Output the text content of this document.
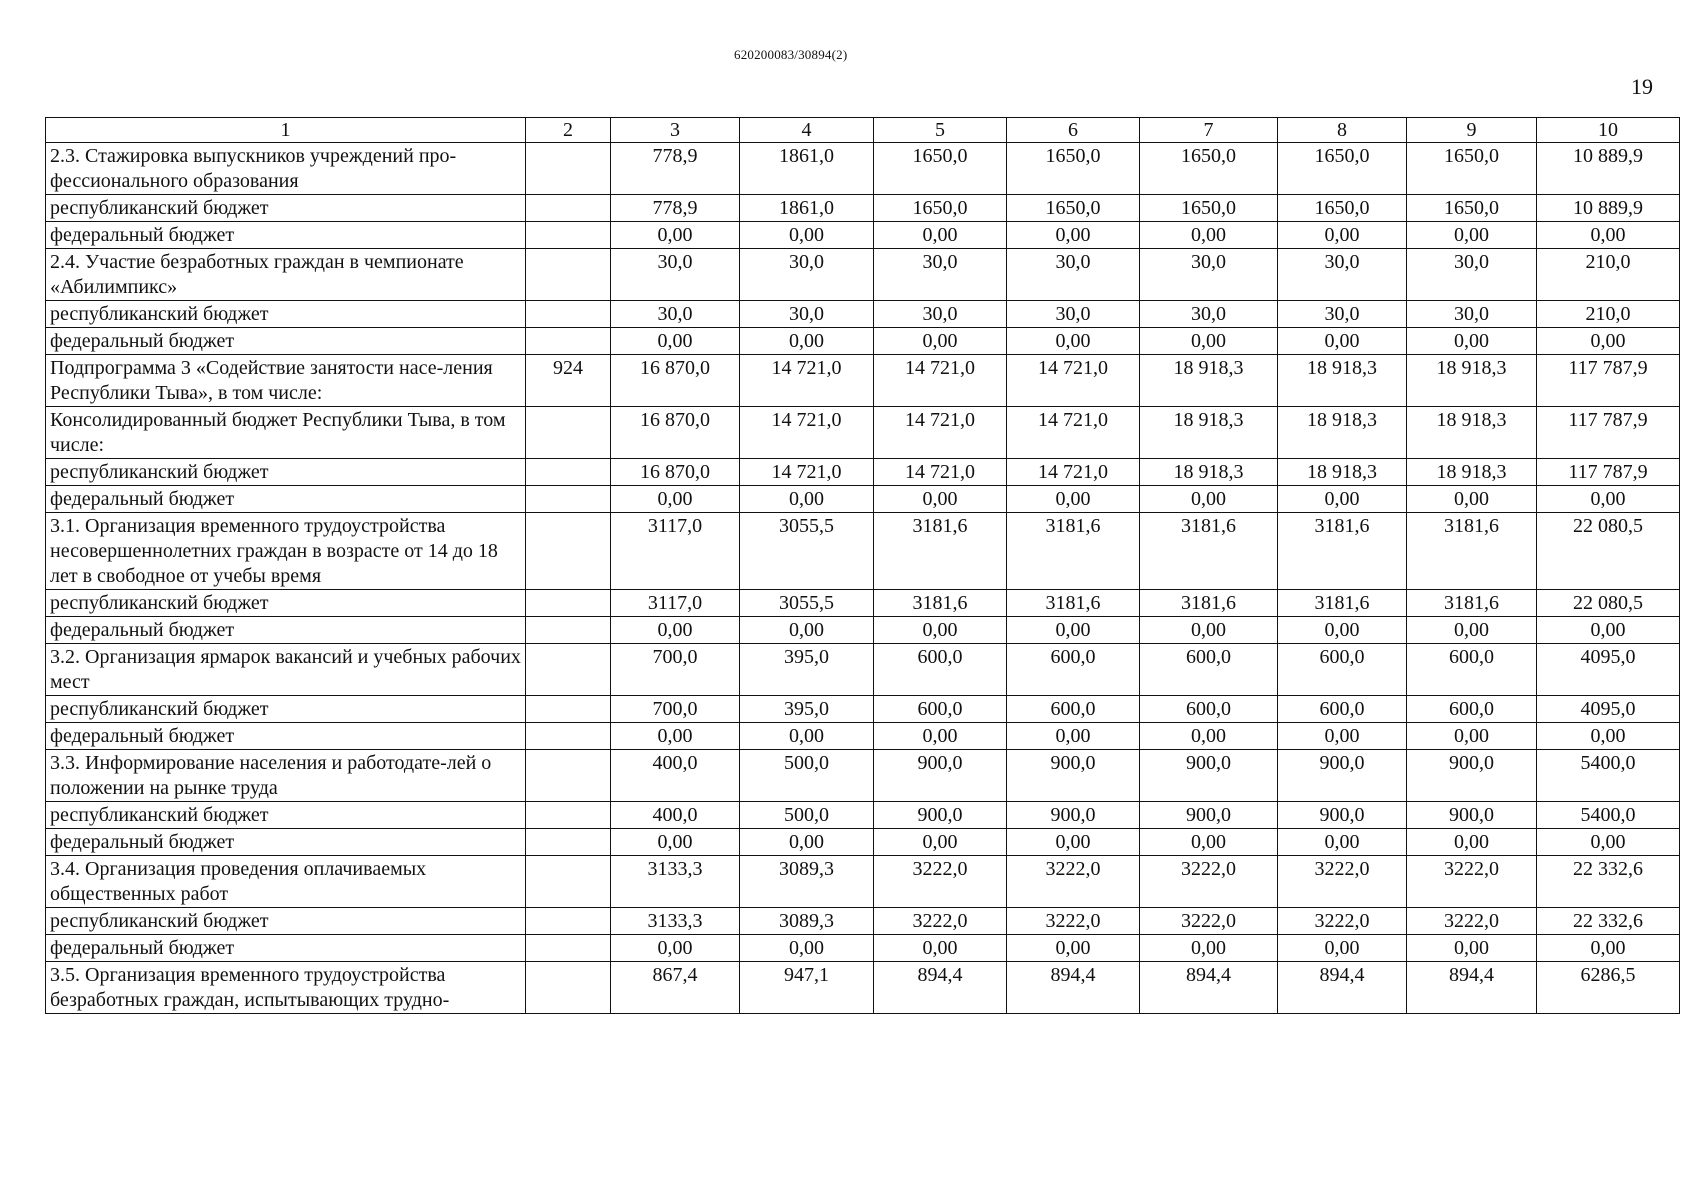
620200083/30894(2)
19
1	2	3	4	5	6	7	8	9	10
2.3. Стажировка выпускников учреждений про-фессионального образования		778,9	1861,0	1650,0	1650,0	1650,0	1650,0	1650,0	10 889,9
республиканский бюджет		778,9	1861,0	1650,0	1650,0	1650,0	1650,0	1650,0	10 889,9
федеральный бюджет		0,00	0,00	0,00	0,00	0,00	0,00	0,00	0,00
2.4. Участие безработных граждан в чемпионате «Абилимпикс»		30,0	30,0	30,0	30,0	30,0	30,0	30,0	210,0
республиканский бюджет		30,0	30,0	30,0	30,0	30,0	30,0	30,0	210,0
федеральный бюджет		0,00	0,00	0,00	0,00	0,00	0,00	0,00	0,00
Подпрограмма 3 «Содействие занятости насе-ления Республики Тыва», в том числе:	924	16 870,0	14 721,0	14 721,0	14 721,0	18 918,3	18 918,3	18 918,3	117 787,9
Консолидированный бюджет Республики Тыва, в том числе:		16 870,0	14 721,0	14 721,0	14 721,0	18 918,3	18 918,3	18 918,3	117 787,9
республиканский бюджет		16 870,0	14 721,0	14 721,0	14 721,0	18 918,3	18 918,3	18 918,3	117 787,9
федеральный бюджет		0,00	0,00	0,00	0,00	0,00	0,00	0,00	0,00
3.1. Организация временного трудоустройства несовершеннолетних граждан в возрасте от 14 до 18 лет в свободное от учебы время		3117,0	3055,5	3181,6	3181,6	3181,6	3181,6	3181,6	22 080,5
республиканский бюджет		3117,0	3055,5	3181,6	3181,6	3181,6	3181,6	3181,6	22 080,5
федеральный бюджет		0,00	0,00	0,00	0,00	0,00	0,00	0,00	0,00
3.2. Организация ярмарок вакансий и учебных рабочих мест		700,0	395,0	600,0	600,0	600,0	600,0	600,0	4095,0
республиканский бюджет		700,0	395,0	600,0	600,0	600,0	600,0	600,0	4095,0
федеральный бюджет		0,00	0,00	0,00	0,00	0,00	0,00	0,00	0,00
3.3. Информирование населения и работодате-лей о положении на рынке труда		400,0	500,0	900,0	900,0	900,0	900,0	900,0	5400,0
республиканский бюджет		400,0	500,0	900,0	900,0	900,0	900,0	900,0	5400,0
федеральный бюджет		0,00	0,00	0,00	0,00	0,00	0,00	0,00	0,00
3.4. Организация проведения оплачиваемых общественных работ		3133,3	3089,3	3222,0	3222,0	3222,0	3222,0	3222,0	22 332,6
республиканский бюджет		3133,3	3089,3	3222,0	3222,0	3222,0	3222,0	3222,0	22 332,6
федеральный бюджет		0,00	0,00	0,00	0,00	0,00	0,00	0,00	0,00
3.5. Организация временного трудоустройства безработных граждан, испытывающих трудно-		867,4	947,1	894,4	894,4	894,4	894,4	894,4	6286,5
